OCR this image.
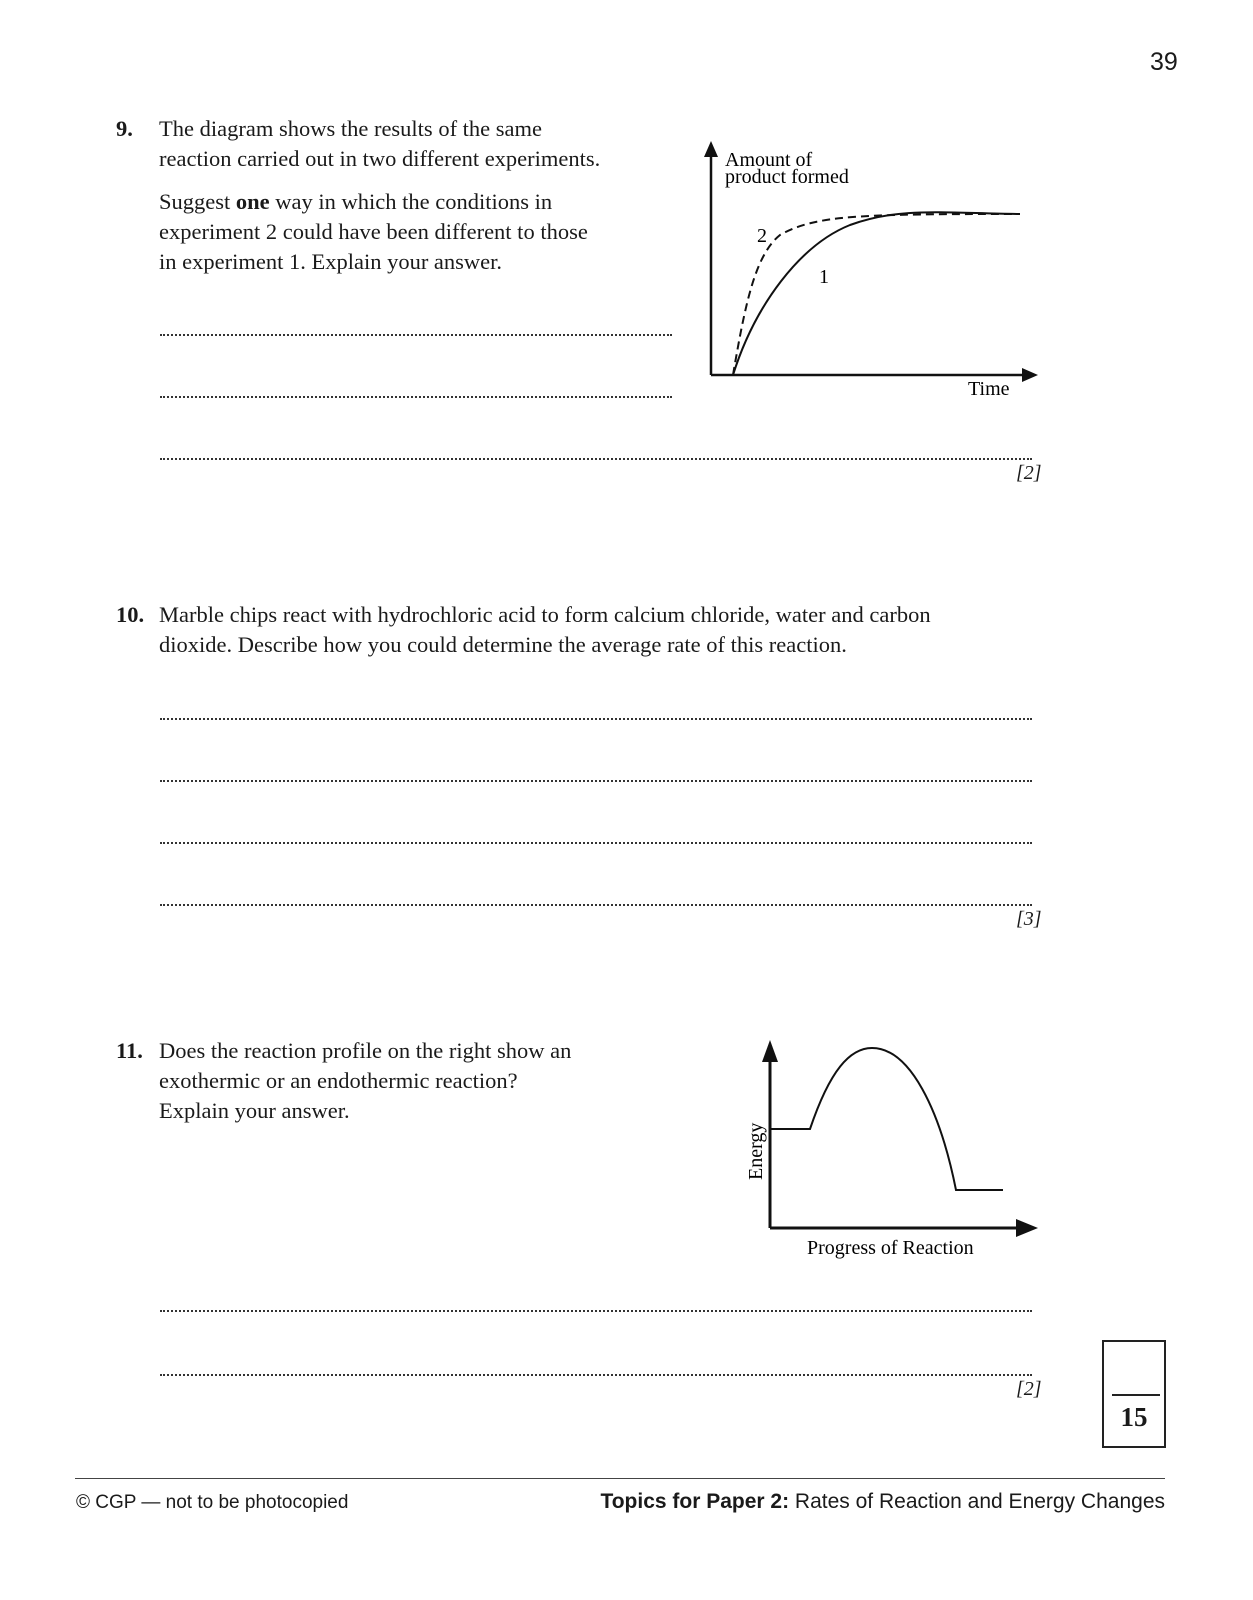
39
9. The diagram shows the results of the same
reaction carried out in two different experiments.
Suggest one way in which the conditions in
experiment 2 could have been different to those
in experiment 1. Explain your answer.
[2]
Amount of
product formed
Time
2
1
10. Marble chips react with hydrochloric acid to form calcium chloride, water and carbon
dioxide. Describe how you could determine the average rate of this reaction.
[3]
11. Does the reaction profile on the right show an
exothermic or an endothermic reaction?
Explain your answer.
Energy
Progress of Reaction
[2]
15
© CGP — not to be photocopied	Topics for Paper 2: Rates of Reaction and Energy Changes
